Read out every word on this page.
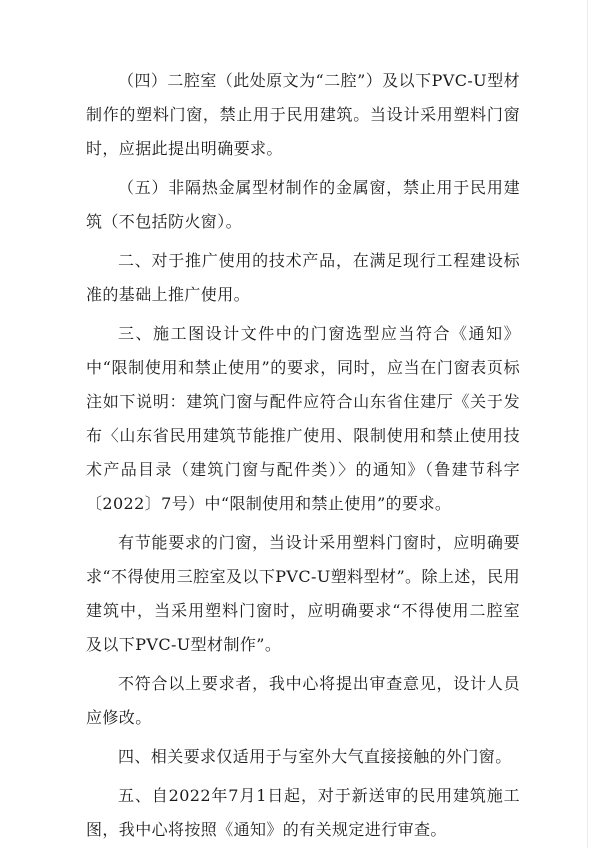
（四）二腔室（此处原文为“二腔”）及以下PVC-U型材制作的塑料门窗，禁止用于民用建筑。当设计采用塑料门窗时，应据此提出明确要求。

（五）非隔热金属型材制作的金属窗，禁止用于民用建筑（不包括防火窗）。

二、对于推广使用的技术产品，在满足现行工程建设标准的基础上推广使用。

三、施工图设计文件中的门窗选型应当符合《通知》中“限制使用和禁止使用”的要求，同时，应当在门窗表页标注如下说明：建筑门窗与配件应符合山东省住建厅《关于发布〈山东省民用建筑节能推广使用、限制使用和禁止使用技术产品目录（建筑门窗与配件类）〉的通知》（鲁建节科字〔2022〕7号）中“限制使用和禁止使用”的要求。

有节能要求的门窗，当设计采用塑料门窗时，应明确要求“不得使用三腔室及以下PVC-U塑料型材”。除上述，民用建筑中，当采用塑料门窗时，应明确要求“不得使用二腔室及以下PVC-U型材制作”。

不符合以上要求者，我中心将提出审查意见，设计人员应修改。

四、相关要求仅适用于与室外大气直接接触的外门窗。

五、自2022年7月1日起，对于新送审的民用建筑施工图，我中心将按照《通知》的有关规定进行审查。
